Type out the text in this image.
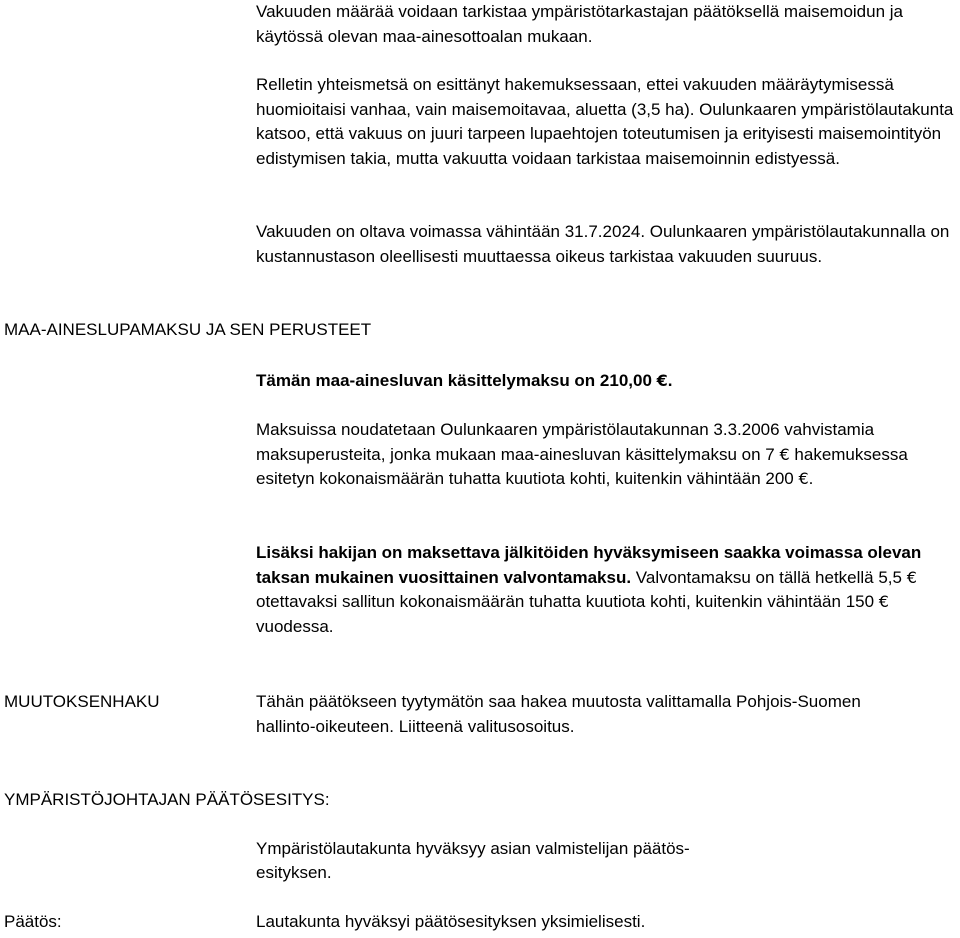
Vakuuden määrää voidaan tarkistaa ympäristötarkastajan päätöksellä maisemoidun ja käytössä olevan maa-ainesottoalan mukaan.

Relletin yhteismetsä on esittänyt hakemuksessaan, ettei vakuuden määräytymisessä huomioitaisi vanhaa, vain maisemoitavaa, aluetta (3,5 ha). Oulunkaaren ympäristölautakunta katsoo, että vakuus on juuri tarpeen lupaehtojen toteutumisen ja erityisesti maisemointityön edistymisen takia, mutta vakuutta voidaan tarkistaa maisemoinnin edistyessä.

Vakuuden on oltava voimassa vähintään 31.7.2024. Oulunkaaren ympäristölautakunnalla on kustannustason oleellisesti muuttaessa oikeus tarkistaa vakuuden suuruus.

MAA-AINESLUPAMAKSU JA SEN PERUSTEET

Tämän maa-ainesluvan käsittelymaksu on 210,00 €.

Maksuissa noudatetaan Oulunkaaren ympäristölautakunnan 3.3.2006 vahvistamia maksuperusteita, jonka mukaan maa-ainesluvan käsittelymaksu on 7 € hakemuksessa esitetyn kokonaismäärän tuhatta kuutiota kohti, kuitenkin vähintään 200 €.

Lisäksi hakijan on maksettava jälkitöiden hyväksymiseen saakka voimassa olevan taksan mukainen vuosittainen valvontamaksu. Valvontamaksu on tällä hetkellä 5,5 € otettavaksi sallitun kokonaismäärän tuhatta kuutiota kohti, kuitenkin vähintään 150 € vuodessa.

MUUTOKSENHAKU	Tähän päätökseen tyytymätön saa hakea muutosta valittamalla Pohjois-Suomen hallinto-oikeuteen. Liitteenä valitusosoitus.

YMPÄRISTÖJOHTAJAN PÄÄTÖSESITYS:

Ympäristölautakunta hyväksyy asian valmistelijan päätös-

esityksen.

Päätös:	Lautakunta hyväksyi päätösesityksen yksimielisesti.
